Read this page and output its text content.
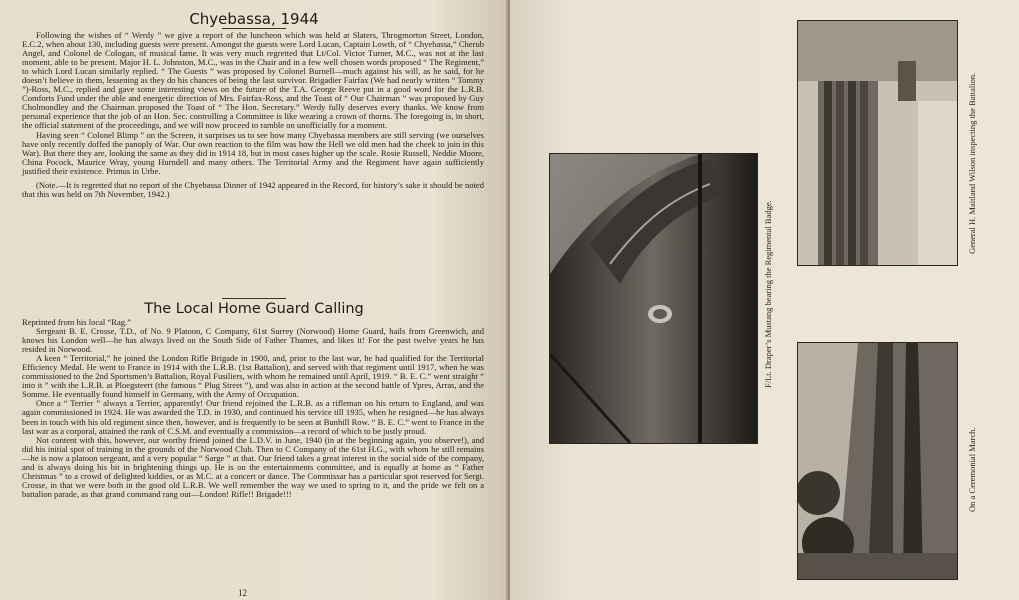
Chyebassa, 1944

Following the wishes of “ Werdy ” we give a report of the luncheon which was held at Slaters, Throgmorton Street, London, E.C.2, when about 130, including guests were present. Amongst the guests were Lord Lucan, Captain Lowth, of “ Chyebassa,” Cherub Angel, and Colonel de Cologan, of musical fame. It was very much regretted that Lt/Col. Victor Turner, M.C., was not at the last moment, able to be present. Major H. L. Johnston, M.C., was in the Chair and in a few well chosen words proposed “ The Regiment,” to which Lord Lucan similarly replied. “ The Guests ” was proposed by Colonel Burnell—much against his will, as he said, for he doesn’t believe in them, lessening as they do his chances of being the last survivor. Brigadier Fairfax (We had nearly written “ Tommy ”)-Ross, M.C., replied and gave some interesting views on the future of the T.A. George Reeve put in a good word for the L.R.B. Comforts Fund under the able and energetic direction of Mrs. Fairfax-Ross, and the Toast of “ Our Chairman ” was proposed by Guy Cholmondley and the Chairman proposed the Toast of “ The Hon. Secretary.” Werdy fully deserves every thanks. We know from personal experience that the job of an Hon. Sec. controlling a Committee is like wearing a crown of thorns. The foregoing is, in short, the official statement of the proceedings, and we will now proceed to ramble on unofficially for a moment.

Having seen “ Colonel Blimp ” on the Screen, it surprises us to see how many Chyebassa members are still serving (we ourselves have only recently doffed the panoply of War. Our own reaction to the film was how the Hell we old men had the cheek to join in this War). But there they are, looking the same as they did in 1914 18, but in most cases higher up the scale. Rosie Russell, Neddie Moore, China Pocock, Maurice Wray, young Hurndell and many others. The Territorial Army and the Regiment have again sufficiently justified their existence. Primus in Urbe.

(Note.—It is regretted that no report of the Chyebassa Dinner of 1942 appeared in the Record, for history’s sake it should be noted that this was held on 7th November, 1942.)

The Local Home Guard Calling

Reprinted from his local “Rag.”

Sergeant B. E. Crosse, T.D., of No. 9 Platoon, C Company, 61st Surrey (Norwood) Home Guard, hails from Greenwich, and knows his London well—he has always lived on the South Side of Father Thames, and likes it! For the past twelve years he has resided in Norwood.

A keen “ Territorial,” he joined the London Rifle Brigade in 1900, and, prior to the last war, he had qualified for the Territorial Efficiency Medal. He went to France in 1914 with the L.R.B. (1st Battalion), and served with that regiment until 1917, when he was commissioned to the 2nd Sportsmen’s Battalion, Royal Fusiliers, with whom he remained until April, 1919. “ B. E. C.” went straight “ into it ” with the L.R.B. at Ploegsteert (the famous “ Plug Street ”), and was also in action at the second battle of Ypres, Arras, and the Somme. He eventually found himself in Germany, with the Army of Occupation.

Once a “ Terrier ” always a Terrier, apparently! Our friend rejoined the L.R.B. as a rifleman on his return to England, and was again commissioned in 1924. He was awarded the T.D. in 1930, and continued his service till 1935, when he resigned—he has always been in touch with his old regiment since then, however, and is frequently to be seen at Bunhill Row. “ B. E. C.” went to France in the last war as a corporal, attained the rank of C.S.M. and eventually a commission—a record of which to be justly proud.

Not content with this, however, our worthy friend joined the L.D.V. in June, 1940 (in at the beginning again, you observe!), and did his initial spot of training in the grounds of the Norwood Club. Then to C Company of the 61st H.G., with whom he still remains—he is now a platoon sergeant, and a very popular “ Sarge ” at that. Our friend takes a great interest in the social side of the company, and is always doing his bit in brightening things up. He is on the entertainments committee, and is equally at home as “ Father Christmas ” to a crowd of delighted kiddies, or as M.C. at a concert or dance. The Commissar has a particular spot reserved for Sergt. Crosse, in that we were both in the good old L.R.B. We well remember the way we used to spring to it, and the pride we felt on a battalion parade, as that grand command rang out—London! Rifle!! Brigade!!!

12
F/Lt. Draper’s Mustang bearing the Regimental Badge.
General H. Maitland Wilson inspecting the Battalion.
On a Ceremonial March.
